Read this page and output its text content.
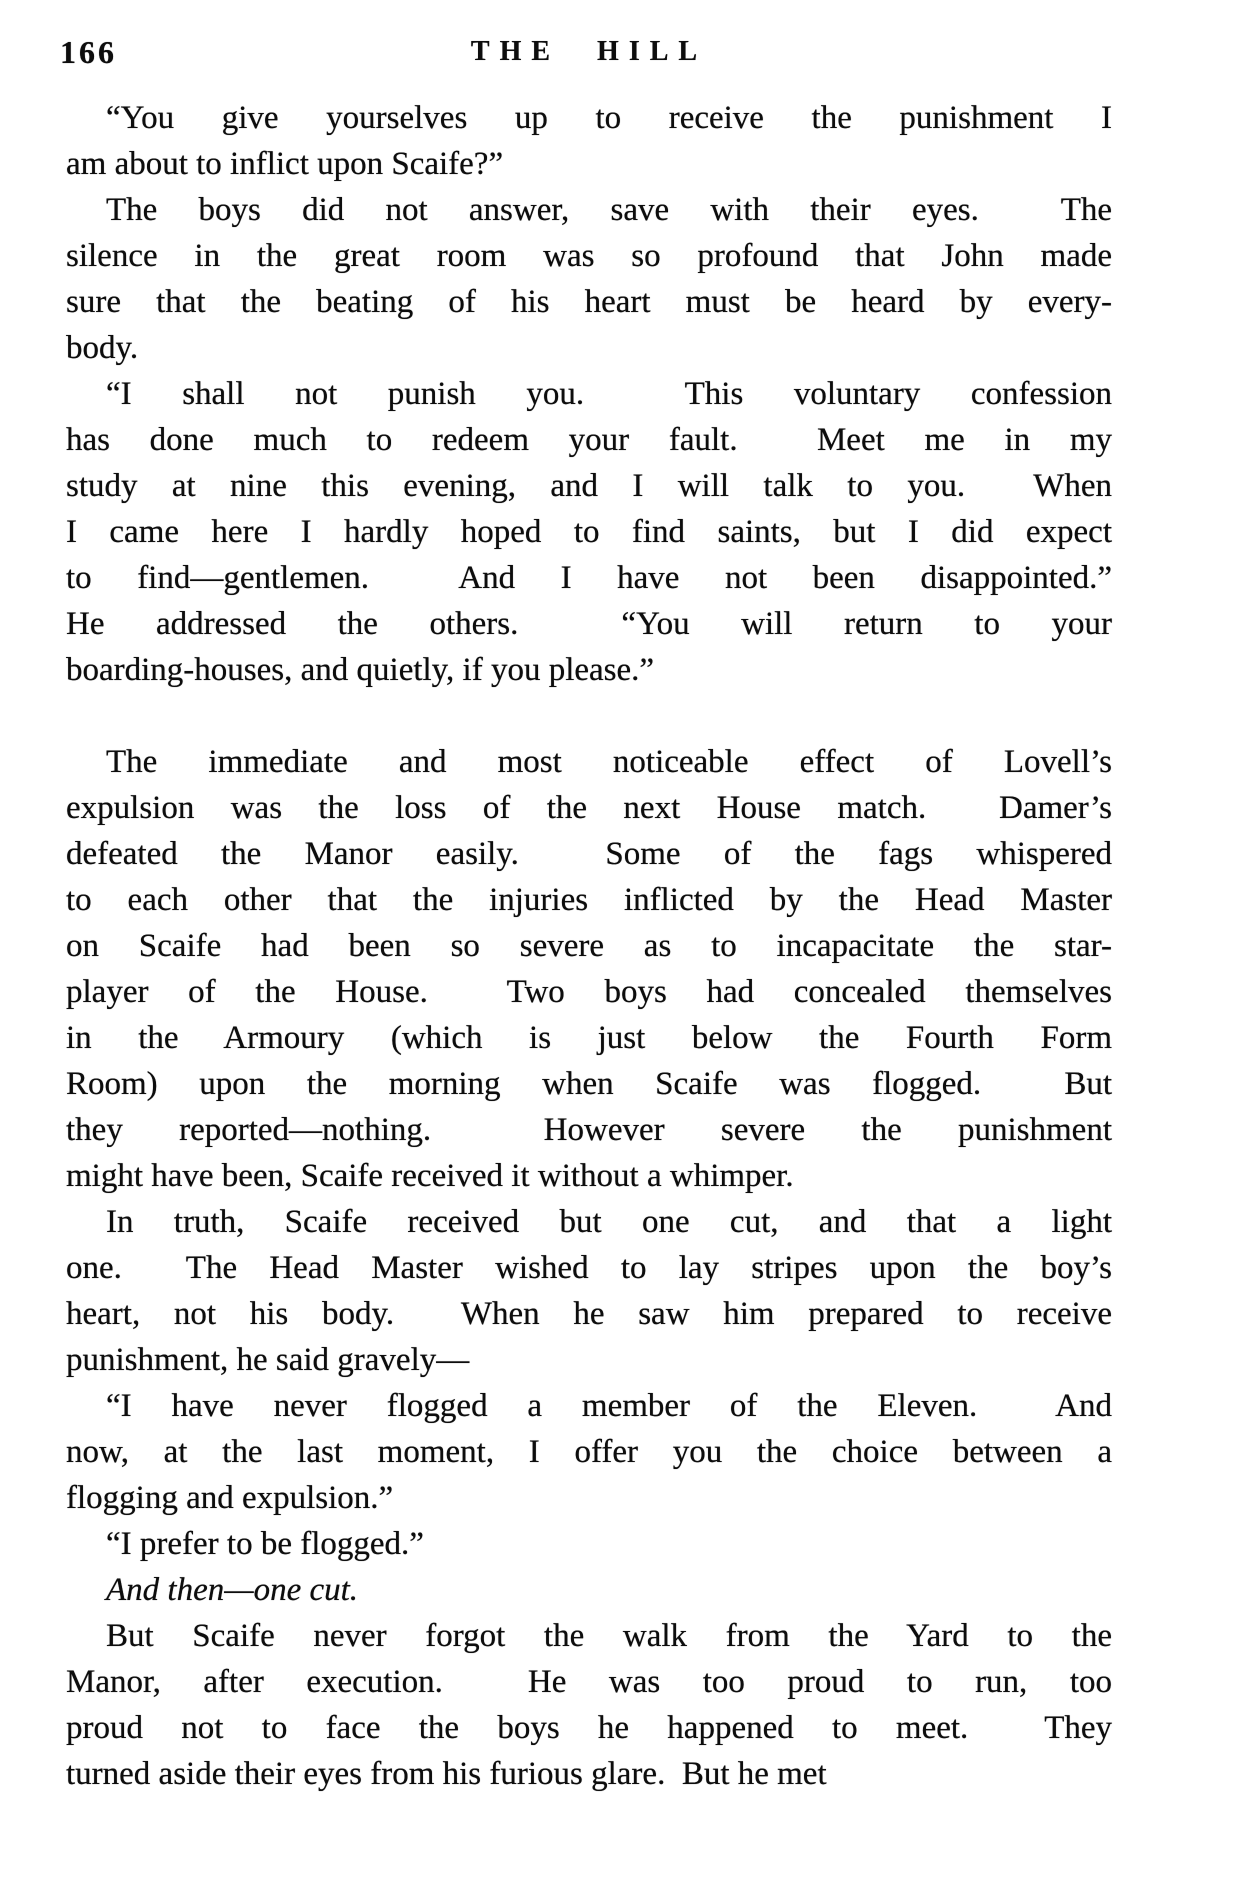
166	THE HILL
“You give yourselves up to receive the punishment I
am about to inflict upon Scaife?”
The boys did not answer, save with their eyes.  The
silence in the great room was so profound that John made
sure that the beating of his heart must be heard by every-
body.
“I shall not punish you.  This voluntary confession
has done much to redeem your fault.  Meet me in my
study at nine this evening, and I will talk to you.  When
I came here I hardly hoped to find saints, but I did expect
to find—gentlemen.  And I have not been disappointed.”
He addressed the others.  “You will return to your
boarding-houses, and quietly, if you please.”
The immediate and most noticeable effect of Lovell’s
expulsion was the loss of the next House match.  Damer’s
defeated the Manor easily.  Some of the fags whispered
to each other that the injuries inflicted by the Head Master
on Scaife had been so severe as to incapacitate the star-
player of the House.  Two boys had concealed themselves
in the Armoury (which is just below the Fourth Form
Room) upon the morning when Scaife was flogged.  But
they reported—nothing.  However severe the punishment
might have been, Scaife received it without a whimper.
In truth, Scaife received but one cut, and that a light
one.  The Head Master wished to lay stripes upon the boy’s
heart, not his body.  When he saw him prepared to receive
punishment, he said gravely—
“I have never flogged a member of the Eleven.  And
now, at the last moment, I offer you the choice between a
flogging and expulsion.”
“I prefer to be flogged.”
And then—one cut.
But Scaife never forgot the walk from the Yard to the
Manor, after execution.  He was too proud to run, too
proud not to face the boys he happened to meet.  They
turned aside their eyes from his furious glare.  But he met
